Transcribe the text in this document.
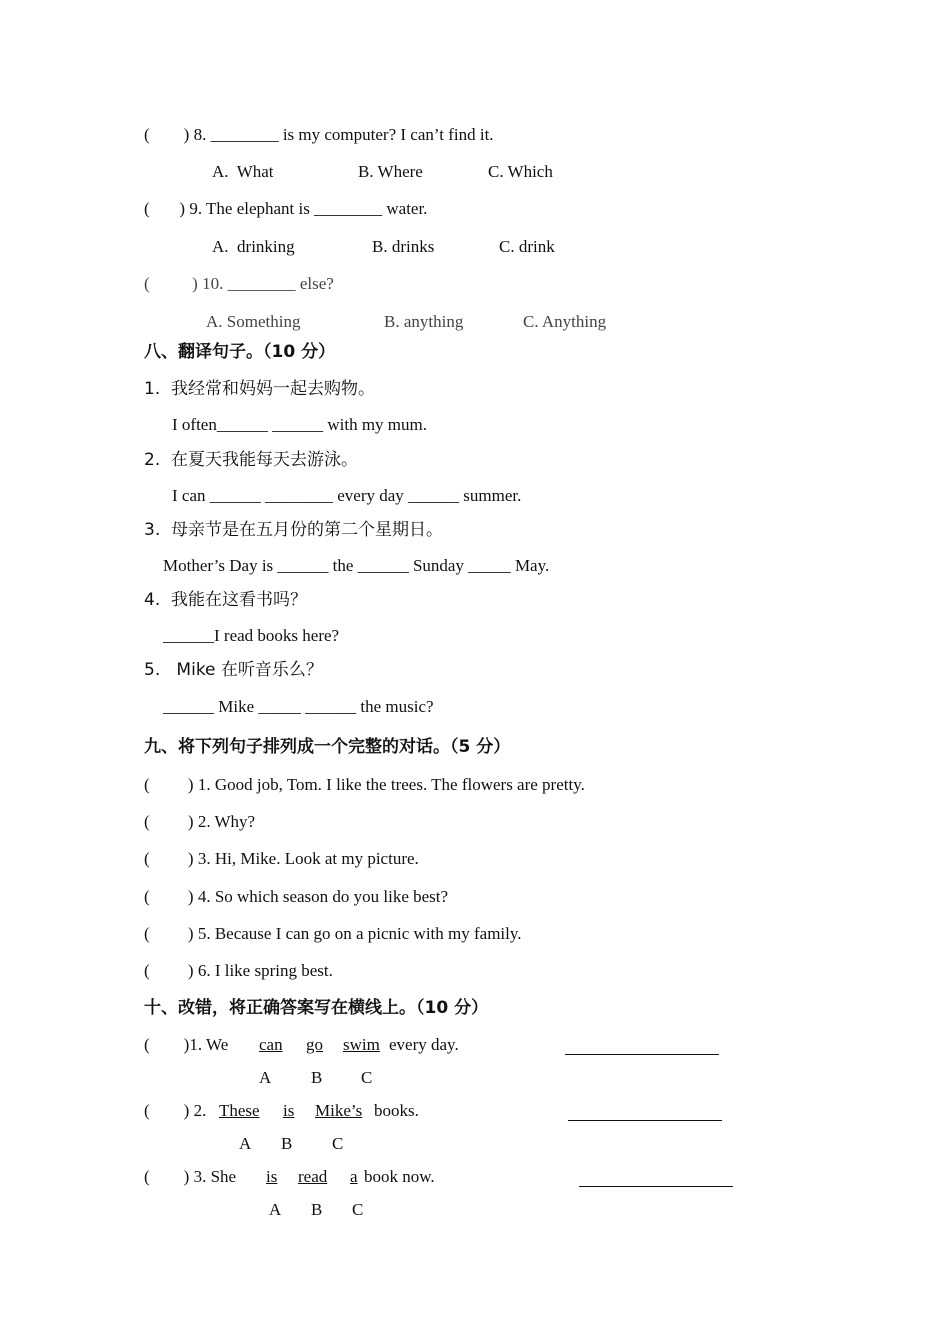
(        ) 8. ________ is my computer? I can’t find it.
A.  What	B. Where	C. Which
(       ) 9. The elephant is ________ water.
A.  drinking	B. drinks	C. drink
(          ) 10. ________ else?
A. Something	B. anything	C. Anything
八、翻译句子。（10 分）
1.  我经常和妈妈一起去购物。
I often______ ______ with my mum.
2.  在夏天我能每天去游泳。
I can ______ ________ every day ______ summer.
3.  母亲节是在五月份的第二个星期日。
Mother’s Day is ______ the ______ Sunday _____ May.
4.  我能在这看书吗？
______I read books here?
5.   Mike 在听音乐么？
______ Mike _____ ______ the music?
九、将下列句子排列成一个完整的对话。（5 分）
(         ) 1. Good job, Tom. I like the trees. The flowers are pretty.
(         ) 2. Why?
(         ) 3. Hi, Mike. Look at my picture.
(         ) 4. So which season do you like best?
(         ) 5. Because I can go on a picnic with my family.
(         ) 6. I like spring best.
十、改错，将正确答案写在横线上。（10 分）
(        )1. We can go swim every day.
A B C
(        ) 2. These is Mike’s books.
A B C
(        ) 3. She is read a book now.
A B C
